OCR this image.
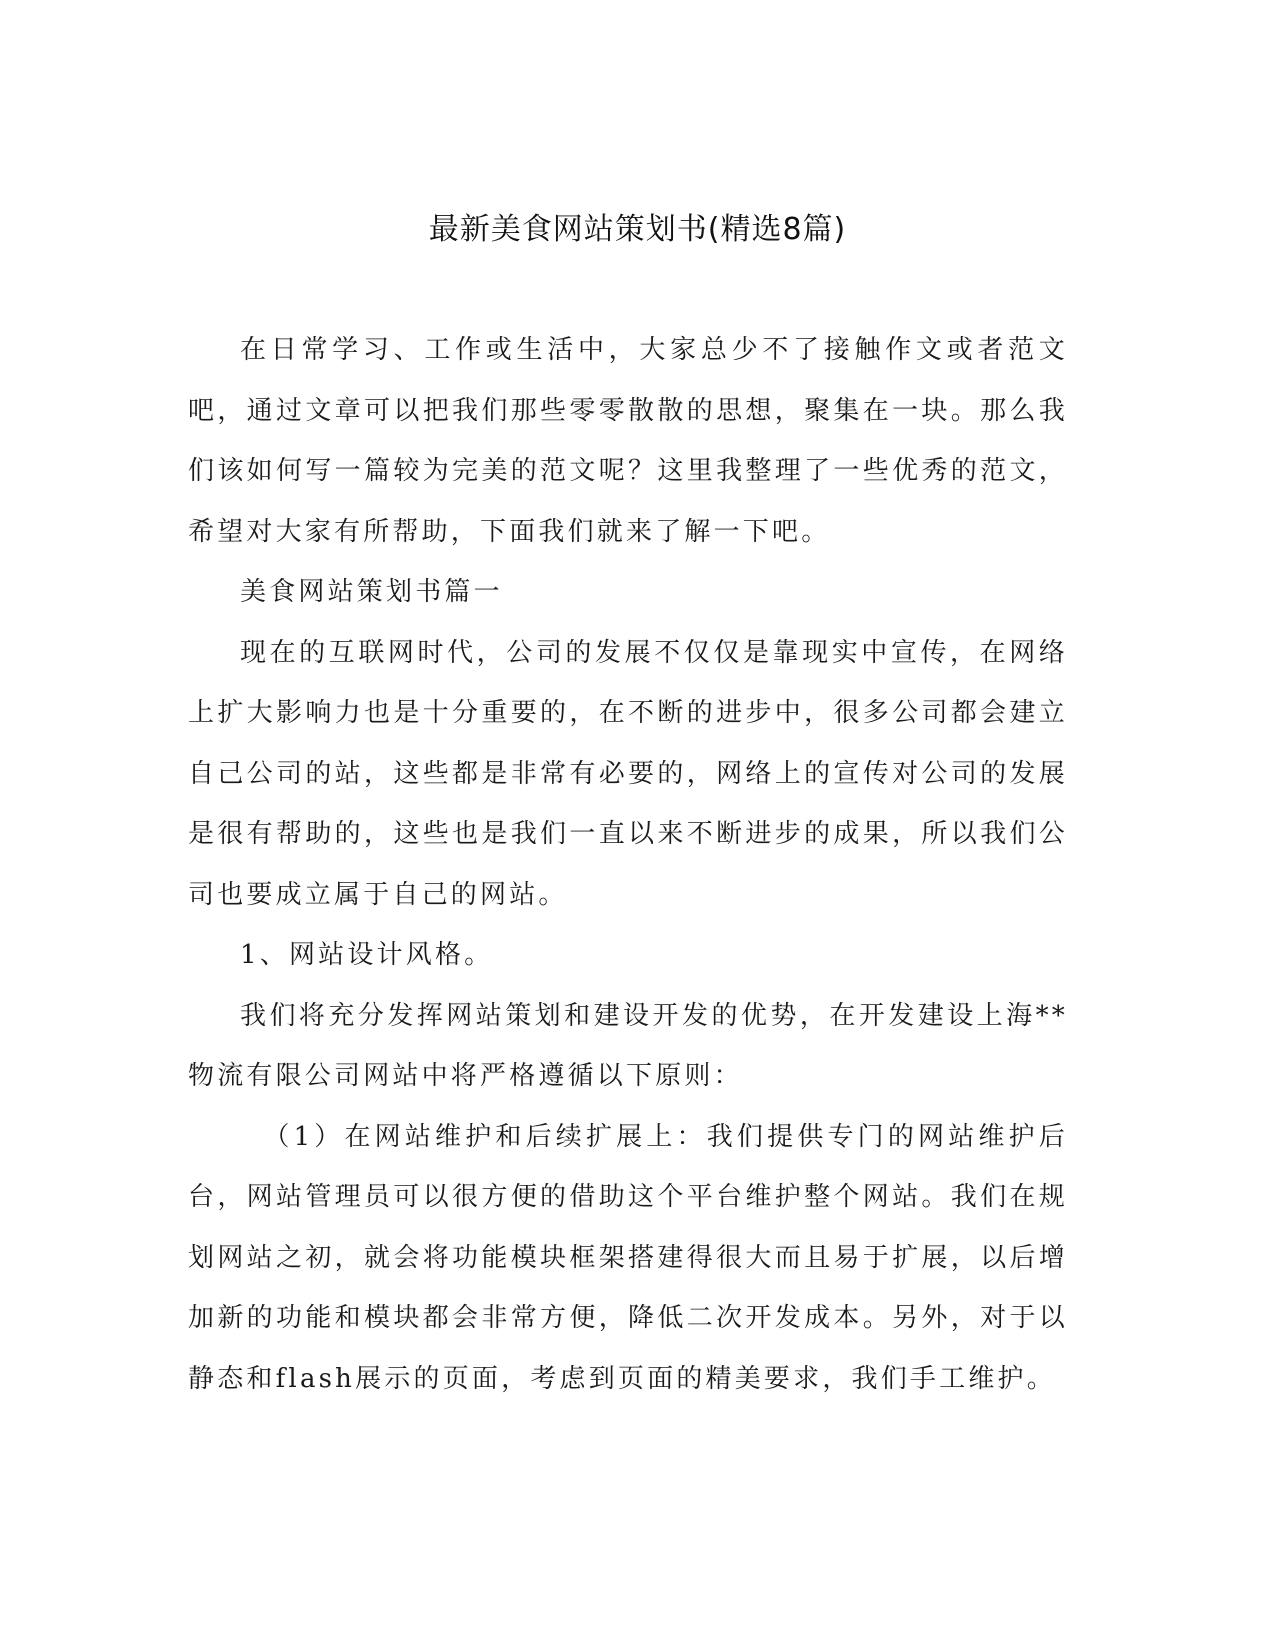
最新美食网站策划书(精选8篇)

在日常学习、工作或生活中，大家总少不了接触作文或者范文吧，通过文章可以把我们那些零零散散的思想，聚集在一块。那么我们该如何写一篇较为完美的范文呢？这里我整理了一些优秀的范文，希望对大家有所帮助，下面我们就来了解一下吧。

美食网站策划书篇一

现在的互联网时代，公司的发展不仅仅是靠现实中宣传，在网络上扩大影响力也是十分重要的，在不断的进步中，很多公司都会建立自己公司的站，这些都是非常有必要的，网络上的宣传对公司的发展是很有帮助的，这些也是我们一直以来不断进步的成果，所以我们公司也要成立属于自己的网站。

1、网站设计风格。

我们将充分发挥网站策划和建设开发的优势，在开发建设上海**物流有限公司网站中将严格遵循以下原则：

（1）在网站维护和后续扩展上：我们提供专门的网站维护后台，网站管理员可以很方便的借助这个平台维护整个网站。我们在规划网站之初，就会将功能模块框架搭建得很大而且易于扩展，以后增加新的功能和模块都会非常方便，降低二次开发成本。另外，对于以静态和flash展示的页面，考虑到页面的精美要求，我们手工维护。
